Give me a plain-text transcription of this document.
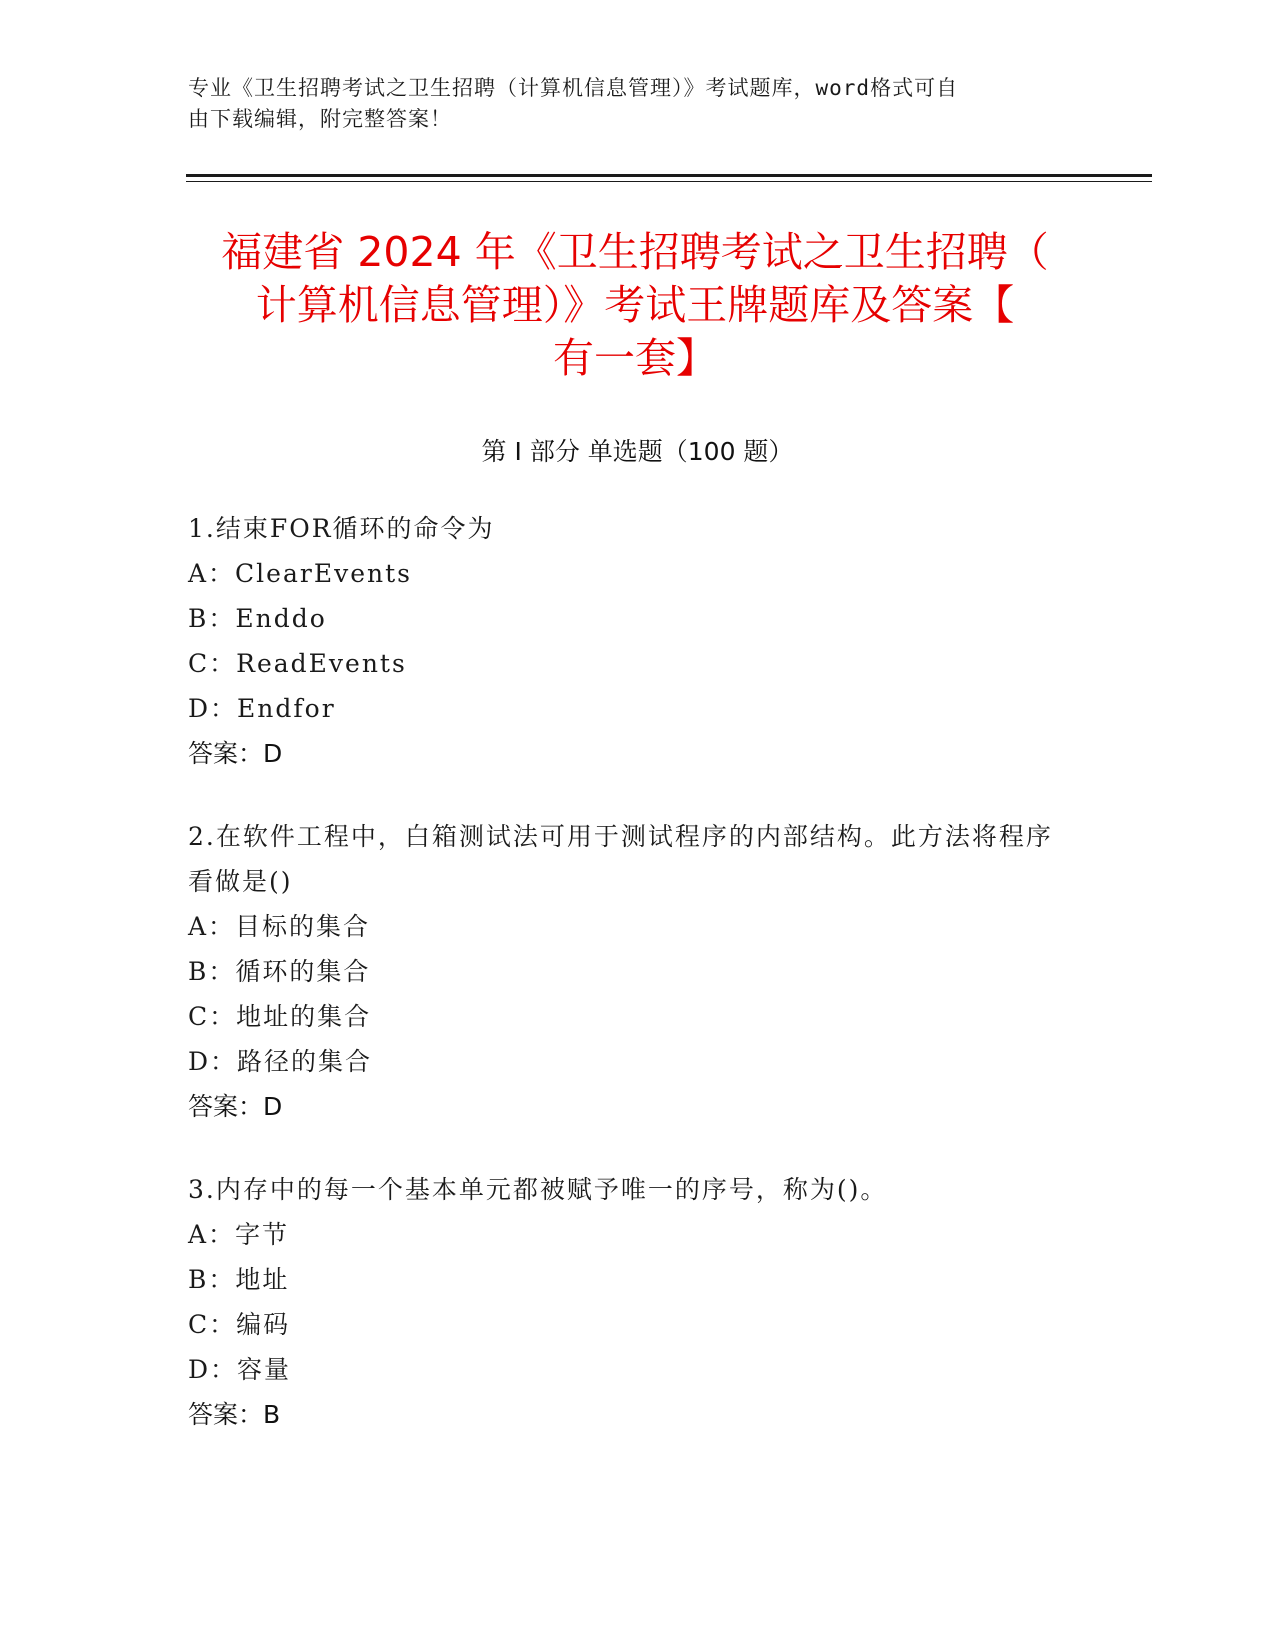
专业《卫生招聘考试之卫生招聘（计算机信息管理）》考试题库，word格式可自
由下载编辑，附完整答案！
福建省 2024 年《卫生招聘考试之卫生招聘（
计算机信息管理）》考试王牌题库及答案【
有一套】
第 I 部分 单选题（100 题）

1.结束FOR循环的命令为

A：ClearEvents

B：Enddo

C：ReadEvents

D：Endfor

答案：D

2.在软件工程中，白箱测试法可用于测试程序的内部结构。此方法将程序看做是()

A：目标的集合

B：循环的集合

C：地址的集合

D：路径的集合

答案：D

3.内存中的每一个基本单元都被赋予唯一的序号，称为()。

A：字节

B：地址

C：编码

D：容量

答案：B
